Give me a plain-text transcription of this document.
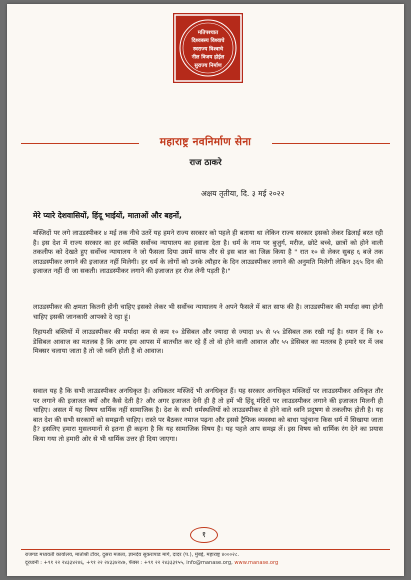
मतिपश्चात
दिश्वबस्य विश्वाचे
स्वराज्य विश्वाचे
नील विजय होईल
सुराज्य निर्माण
महाराष्ट्र नवनिर्माण सेना
राज ठाकरे
अक्षय तृतीया, दि. ३ मई २०२२
मेरे प्यारे देशवासियों, हिंदू भाईयों, माताओं और बहनों,

मस्जिदों पर लगे लाउडस्पीकर ४ मई तक नीचे उतरें यह हमने राज्य सरकार को पहले ही बताया था लेकिन राज्य सरकार इसको लेकर ढिलाई बरत रही है। इस देश में राज्य सरकार का हर व्यक्ति सर्वोच्च न्यायालय का हवाला देता है। धर्म के नाम पर बुजुर्ग, मरीज, छोटे बच्चे, छात्रों को होने वाली तकलीफ को देखते हुए सर्वोच्च न्यायालय ने जो फैसला दिया उसमें साफ तौर से इस बात का जिक्र किया है " रात १० से लेकर सुबह ६ बजे तक लाउडस्पीकर लगाने की इजाजत नहीं मिलेगी। हर धर्म के लोगों को उनके त्यौहार के दिन लाउडस्पीकर लगाने की अनुमति मिलेगी लेकिन ३६५ दिन की इजाजत नहीं दी जा सकती। लाउडस्पीकर लगाने की इजाजत हर रोज लेनी पड़ती है।"

लाउडस्पीकर की क्षमता कितनी होनी चाहिए इसको लेकर भी सर्वोच्च न्यायालय ने अपने फैसले में बात साफ की है। लाउडस्पीकर की मर्यादा क्या होनी चाहिए इसकी जानकारी आपको दे रहा हूं।

रिहायशी बस्तियों में लाउडस्पीकर की मर्यादा कम से कम १० डेसिबल और ज्यादा से ज्यादा ४५ से ५५ डेसिबल तक रखी गई है। ध्यान दें कि १० डेसिबल आवाज का मतलब है कि अगर हम आपस में बातचीत कर रहे हैं तो वो होने वाली आवाज और ५५ डेसिबल का मतलब है हमारे घर में जब मिक्सर चलाया जाता है तो जो ध्वनि होती है वो आवाज।

सवाल यह है कि सभी लाउडस्पीकर अनधिकृत है। अधिकतर मस्जिदें भी अनधिकृत हैं। यह सरकार अनधिकृत मस्जिदों पर लाउडस्पीकर अधिकृत तौर पर लगाने की इजाजत क्यों और कैसे देती है? और अगर इजाजत देनी ही है तो हमें भी हिंदू मंदिरों पर लाउडस्पीकर लगाने की इजाजत मिलनी ही चाहिए। असल में यह विषय धार्मिक नहीं सामाजिक है। देश के सभी धर्मस्थलियों को लाउडस्पीकर से होने वाले ध्वनि प्रदूषण से तकलीफ होती है। यह बात देश की सभी सरकारों को समझनी चाहिए। रास्ते पर बैठकर नमाज पढ़ना और इससे ट्रैफिक व्यवस्था को बाधा पहुंचाना किस धर्म में सिखाया जाता है? इसलिए हमारा मुसलमानों से इतना ही कहना है कि यह सामाजिक विषय है। यह पहले आप समझ लें। इस विषय को धार्मिक रंग देने का प्रयास किया गया तो हमारी ओर से भी धार्मिक उत्तर ही दिया जाएगा।

१
राजगड मध्यवर्ती कार्यालय, मातोश्री टॉवर, दुसरा मजला, ज्ञानदेव सुकरापाड मार्ग, दादर (प.), मुंबई, महाराष्ट्र ४०००२८.
दूरध्वनी : +९१ २२ २४३३४२४६, +९१ २२ २४३३४२४७, फॅक्स : +९१ २२ २४३३३१५५, info@manase.org, www.manase.org
